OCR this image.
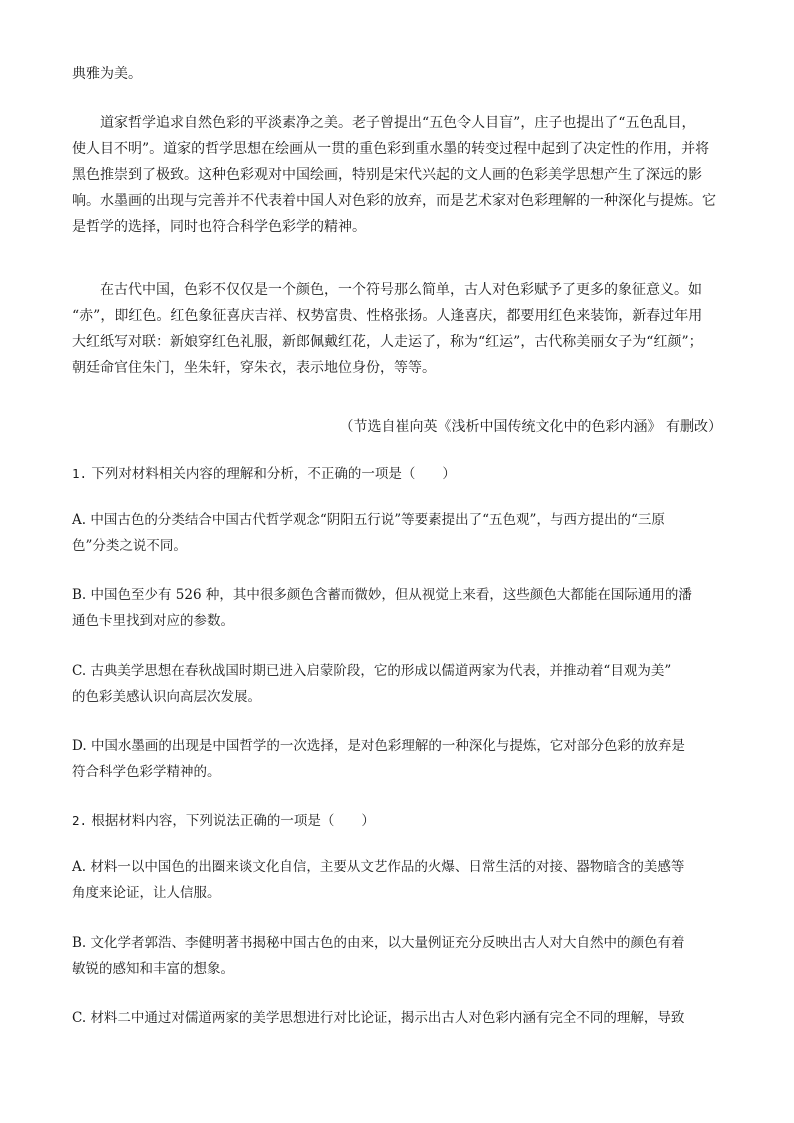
典雅为美。
道家哲学追求自然色彩的平淡素净之美。老子曾提出“五色令人目盲”，庄子也提出了“五色乱目，
使人目不明”。道家的哲学思想在绘画从一贯的重色彩到重水墨的转变过程中起到了决定性的作用，并将
黑色推崇到了极致。这种色彩观对中国绘画，特别是宋代兴起的文人画的色彩美学思想产生了深远的影
响。水墨画的出现与完善并不代表着中国人对色彩的放弃，而是艺术家对色彩理解的一种深化与提炼。它
是哲学的选择，同时也符合科学色彩学的精神。
在古代中国，色彩不仅仅是一个颜色，一个符号那么简单，古人对色彩赋予了更多的象征意义。如
“赤”，即红色。红色象征喜庆吉祥、权势富贵、性格张扬。人逢喜庆，都要用红色来装饰，新春过年用
大红纸写对联：新娘穿红色礼服，新郎佩戴红花，人走运了，称为“红运”，古代称美丽女子为“红颜”；
朝廷命官住朱门，坐朱轩，穿朱衣，表示地位身份，等等。
（节选自崔向英《浅析中国传统文化中的色彩内涵》 有删改）
1. 下列对材料相关内容的理解和分析，不正确的一项是（　　）
A. 中国古色的分类结合中国古代哲学观念“阴阳五行说”等要素提出了“五色观”，与西方提出的“三原
色”分类之说不同。
B. 中国色至少有 526 种，其中很多颜色含蓄而微妙，但从视觉上来看，这些颜色大都能在国际通用的潘
通色卡里找到对应的参数。
C. 古典美学思想在春秋战国时期已进入启蒙阶段，它的形成以儒道两家为代表，并推动着“目观为美”
的色彩美感认识向高层次发展。
D. 中国水墨画的出现是中国哲学的一次选择，是对色彩理解的一种深化与提炼，它对部分色彩的放弃是
符合科学色彩学精神的。
2. 根据材料内容，下列说法正确的一项是（　　）
A. 材料一以中国色的出圈来谈文化自信，主要从文艺作品的火爆、日常生活的对接、器物暗含的美感等
角度来论证，让人信服。
B. 文化学者郭浩、李健明著书揭秘中国古色的由来，以大量例证充分反映出古人对大自然中的颜色有着
敏锐的感知和丰富的想象。
C. 材料二中通过对儒道两家的美学思想进行对比论证，揭示出古人对色彩内涵有完全不同的理解，导致
